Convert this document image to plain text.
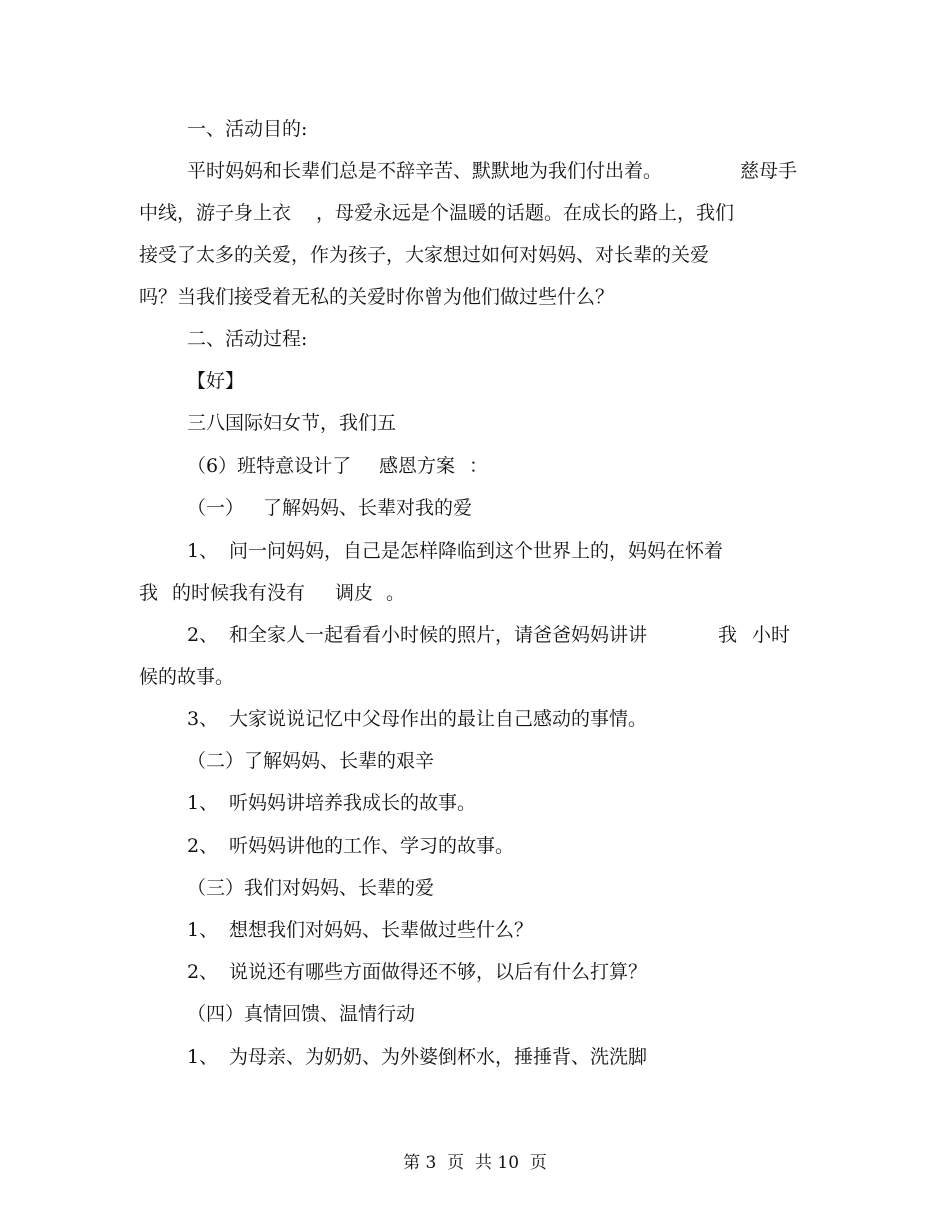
一、活动目的:
平时妈妈和长辈们总是不辞辛苦、默默地为我们付出着。	慈母手
中线，游子身上衣 ，母爱永远是个温暖的话题。在成长的路上，我们
接受了太多的关爱，作为孩子，大家想过如何对妈妈、对长辈的关爱
吗？当我们接受着无私的关爱时你曾为他们做过些什么？
二、活动过程:
【好】
三八国际妇女节，我们五
（6）班特意设计了 感恩方案 ：
（一） 了解妈妈、长辈对我的爱
1、 问一问妈妈，自己是怎样降临到这个世界上的，妈妈在怀着
我 的时候我有没有 调皮 。
2、 和全家人一起看看小时候的照片，请爸爸妈妈讲讲	我 小时
候的故事。
3、 大家说说记忆中父母作出的最让自己感动的事情。
（二）了解妈妈、长辈的艰辛
1、 听妈妈讲培养我成长的故事。
2、 听妈妈讲他的工作、学习的故事。
（三）我们对妈妈、长辈的爱
1、 想想我们对妈妈、长辈做过些什么？
2、 说说还有哪些方面做得还不够，以后有什么打算？
（四）真情回馈、温情行动
1、 为母亲、为奶奶、为外婆倒杯水，捶捶背、洗洗脚
第 3  页  共 10  页
